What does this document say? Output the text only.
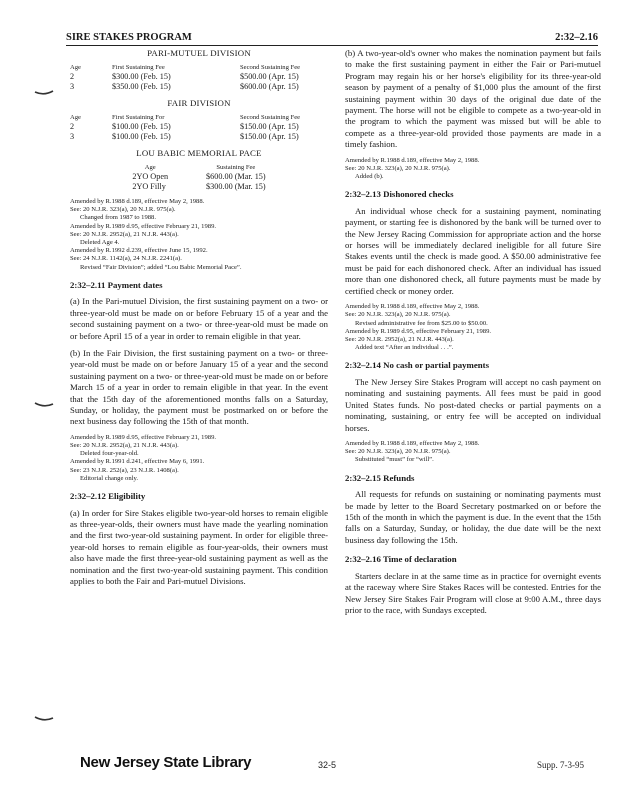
SIRE STAKES PROGRAM	2:32–2.16
PARI-MUTUEL DIVISION
Age	First Sustaining Fee	Second Sustaining Fee
2	$300.00 (Feb. 15)	$500.00 (Apr. 15)
3	$350.00 (Feb. 15)	$600.00 (Apr. 15)
FAIR DIVISION
Age	First Sustaining For	Second Sustaining Fee
2	$100.00 (Feb. 15)	$150.00 (Apr. 15)
3	$100.00 (Feb. 15)	$150.00 (Apr. 15)
LOU BABIC MEMORIAL PACE
Age	Sustaining Fee
2YO Open	$600.00 (Mar. 15)
2YO Filly	$300.00 (Mar. 15)
Amended by R.1988 d.189, effective May 2, 1988.
See: 20 N.J.R. 323(a), 20 N.J.R. 975(a).
Changed from 1987 to 1988.
Amended by R.1989 d.95, effective February 21, 1989.
See: 20 N.J.R. 2952(a), 21 N.J.R. 443(a).
Deleted Age 4.
Amended by R.1992 d.239, effective June 15, 1992.
See: 24 N.J.R. 1142(a), 24 N.J.R. 2241(a).
Revised “Fair Division”; added “Lou Babic Memorial Pace”.
2:32–2.11 Payment dates

(a) In the Pari-mutuel Division, the first sustaining payment on a two- or three-year-old must be made on or before February 15 of a year and the second sustaining payment on a two- or three-year-old must be made on or before April 15 of a year in order to remain eligible in that year.

(b) In the Fair Division, the first sustaining payment on a two- or three-year-old must be made on or before January 15 of a year and the second sustaining payment on a two- or three-year-old must be made on or before March 15 of a year in order to remain eligible in that year. In the event that the 15th day of the aforementioned months falls on a Saturday, Sunday, or holiday, the payment must be postmarked on or before the next business day following the 15th of that month.

Amended by R.1989 d.95, effective February 21, 1989.
See: 20 N.J.R. 2952(a), 21 N.J.R. 443(a).
Deleted four-year-old.
Amended by R.1991 d.241, effective May 6, 1991.
See: 23 N.J.R. 252(a), 23 N.J.R. 1408(a).
Editorial change only.
2:32–2.12 Eligibility

(a) In order for Sire Stakes eligible two-year-old horses to remain eligible as three-year-olds, their owners must have made the yearling nomination and the first two-year-old sustaining payment. In order for eligible three-year-old horses to remain eligible as four-year-olds, their owners must also have made the first three-year-old sustaining payment as well as the nomination and the first two-year-old sustaining payment. This condition applies to both the Fair and Pari-mutuel Divisions.

(b) A two-year-old's owner who makes the nomination payment but fails to make the first sustaining payment in either the Fair or Pari-mutuel Program may regain his or her horse's eligibility for its three-year-old season by payment of a penalty of $1,000 plus the amount of the first sustaining payment within 30 days of the original due date of the payment. The horse will not be eligible to compete as a two-year-old in the program to which the payment was missed but will be able to compete as a three-year-old provided those payments are made in a timely fashion.

Amended by R.1988 d.189, effective May 2, 1988.
See: 20 N.J.R. 323(a), 20 N.J.R. 975(a).
Added (b).
2:32–2.13 Dishonored checks

An individual whose check for a sustaining payment, nominating payment, or starting fee is dishonored by the bank will be turned over to the New Jersey Racing Commission for appropriate action and the horse or horses will be immediately declared ineligible for all future Sire Stakes events until the check is made good. A $50.00 administrative fee must be paid for each dishonored check. After an individual has issued more than one dishonored check, all future payments must be made by certified check or money order.

Amended by R.1988 d.189, effective May 2, 1988.
See: 20 N.J.R. 323(a), 20 N.J.R. 975(a).
Revised administrative fee from $25.00 to $50.00.
Amended by R.1989 d.95, effective February 21, 1989.
See: 20 N.J.R. 2952(a), 21 N.J.R. 443(a).
Added text “After an individual . . .”.
2:32–2.14 No cash or partial payments

The New Jersey Sire Stakes Program will accept no cash payment on nominating and sustaining payments. All fees must be paid in good United States funds. No post-dated checks or partial payments on a nominating, sustaining, or entry fee will be accepted on individual horses.

Amended by R.1988 d.189, effective May 2, 1988.
See: 20 N.J.R. 323(a), 20 N.J.R. 975(a).
Substituted “must” for “will”.
2:32–2.15 Refunds

All requests for refunds on sustaining or nominating payments must be made by letter to the Board Secretary postmarked on or before the 15th of the month in which the payment is due. In the event that the 15th falls on a Saturday, Sunday, or holiday, the due date will be the next business day following the 15th.

2:32–2.16 Time of declaration

Starters declare in at the same time as in practice for overnight events at the raceway where Sire Stakes Races will be contested. Entries for the New Jersey Sire Stakes Fair Program will close at 9:00 A.M., three days prior to the race, with Sundays excepted.

New Jersey State Library	32-5	Supp. 7-3-95
